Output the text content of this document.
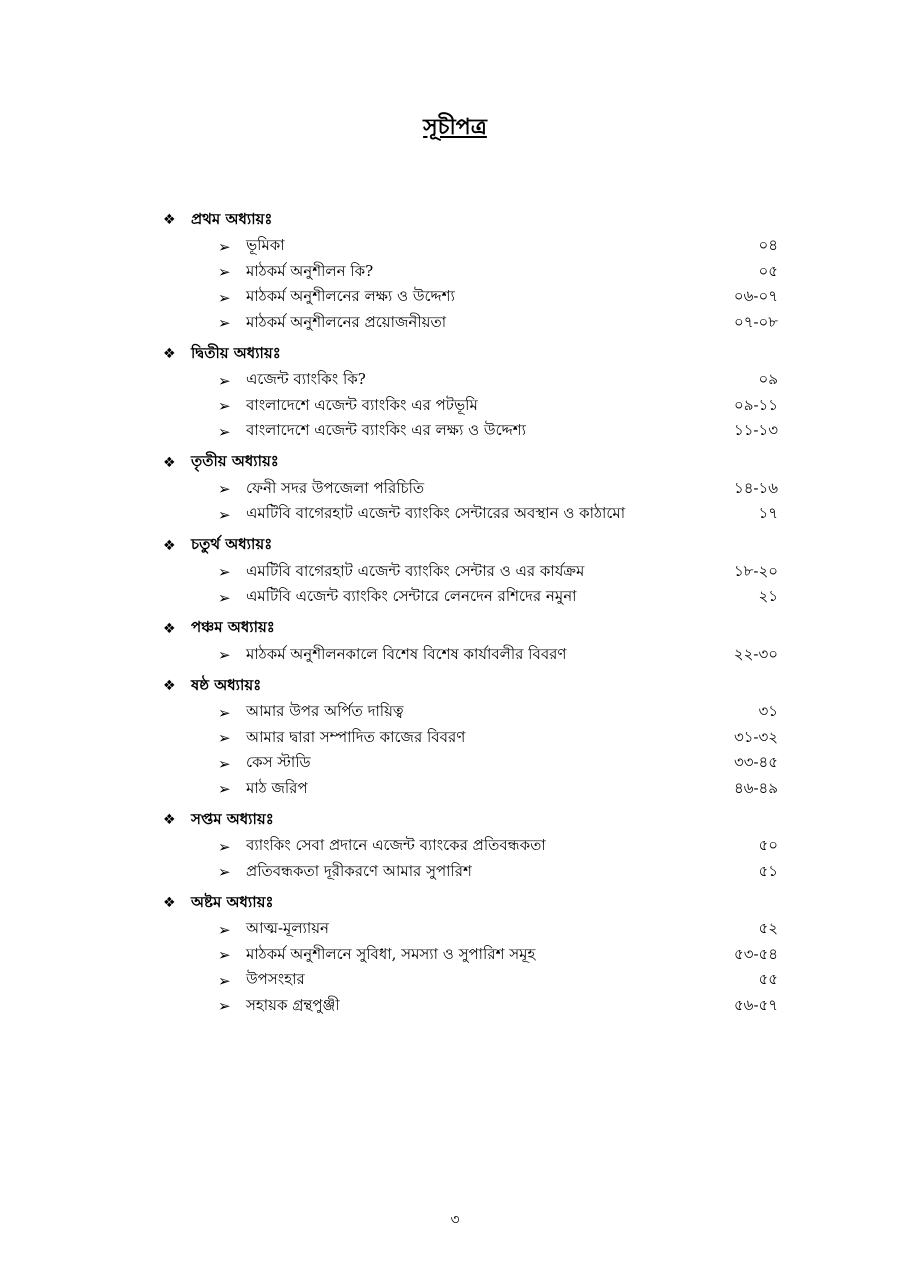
সূচীপত্র
❖	প্রথম অধ্যায়ঃ
➢	ভূমিকা	০৪
➢	মাঠকর্ম অনুশীলন কি?	০৫
➢	মাঠকর্ম অনুশীলনের লক্ষ্য ও উদ্দেশ্য	০৬-০৭
➢	মাঠকর্ম অনুশীলনের প্রয়োজনীয়তা	০৭-০৮
❖	দ্বিতীয় অধ্যায়ঃ
➢	এজেন্ট ব্যাংকিং কি?	০৯
➢	বাংলাদেশে এজেন্ট ব্যাংকিং এর পটভূমি	০৯-১১
➢	বাংলাদেশে এজেন্ট ব্যাংকিং এর লক্ষ্য ও উদ্দেশ্য	১১-১৩
❖	তৃতীয় অধ্যায়ঃ
➢	ফেনী সদর উপজেলা পরিচিতি	১৪-১৬
➢	এমটিবি বাগেরহাট এজেন্ট ব্যাংকিং সেন্টারের অবস্থান ও কাঠামো	১৭
❖	চতুর্থ অধ্যায়ঃ
➢	এমটিবি বাগেরহাট এজেন্ট ব্যাংকিং সেন্টার ও এর কার্যক্রম	১৮-২০
➢	এমটিবি এজেন্ট ব্যাংকিং সেন্টারে লেনদেন রশিদের নমুনা	২১
❖	পঞ্চম অধ্যায়ঃ
➢	মাঠকর্ম অনুশীলনকালে বিশেষ বিশেষ কার্যাবলীর বিবরণ	২২-৩০
❖	ষষ্ঠ অধ্যায়ঃ
➢	আমার উপর অর্পিত দায়িত্ব	৩১
➢	আমার দ্বারা সম্পাদিত কাজের বিবরণ	৩১-৩২
➢	কেস স্টাডি	৩৩-৪৫
➢	মাঠ জরিপ	৪৬-৪৯
❖	সপ্তম অধ্যায়ঃ
➢	ব্যাংকিং সেবা প্রদানে এজেন্ট ব্যাংকের প্রতিবন্ধকতা	৫০
➢	প্রতিবন্ধকতা দূরীকরণে আমার সুপারিশ	৫১
❖	অষ্টম অধ্যায়ঃ
➢	আত্ম-মূল্যায়ন	৫২
➢	মাঠকর্ম অনুশীলনে সুবিধা, সমস্যা ও সুপারিশ সমূহ	৫৩-৫৪
➢	উপসংহার	৫৫
➢	সহায়ক গ্রন্থপুঞ্জী	৫৬-৫৭
৩
